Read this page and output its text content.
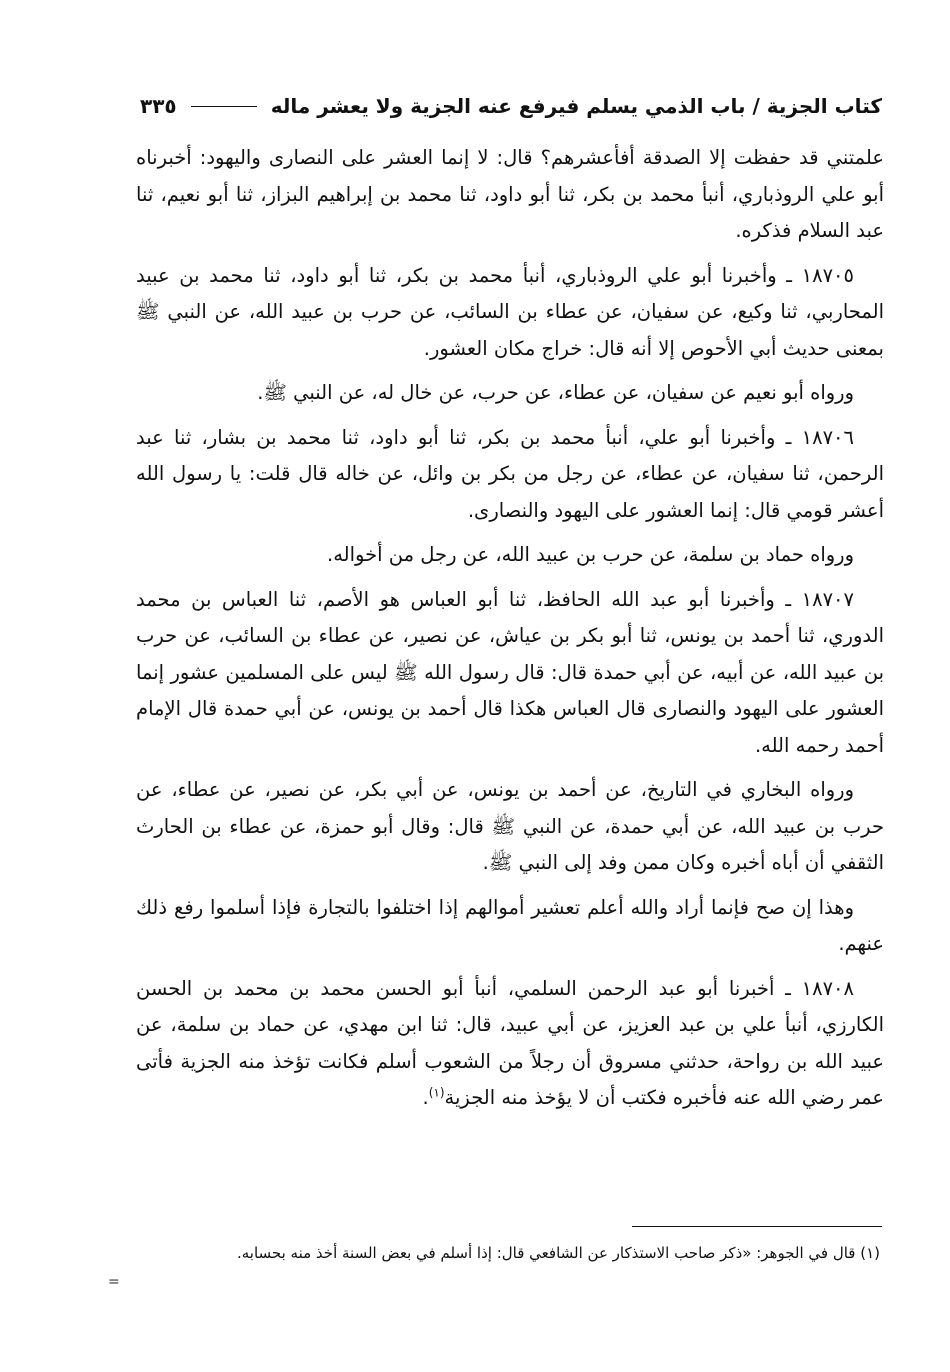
كتاب الجزية / باب الذمي يسلم فيرفع عنه الجزية ولا يعشر ماله
٣٣٥

علمتني قد حفظت إلا الصدقة أفأعشرهم؟ قال: لا إنما العشر على النصارى واليهود: أخبرناه أبو علي الروذباري، أنبأ محمد بن بكر، ثنا أبو داود، ثنا محمد بن إبراهيم البزاز، ثنا أبو نعيم، ثنا عبد السلام فذكره.

١٨٧٠٥ ـ وأخبرنا أبو علي الروذباري، أنبأ محمد بن بكر، ثنا أبو داود، ثنا محمد بن عبيد المحاربي، ثنا وكيع، عن سفيان، عن عطاء بن السائب، عن حرب بن عبيد الله، عن النبي ﷺ بمعنى حديث أبي الأحوص إلا أنه قال: خراج مكان العشور.

ورواه أبو نعيم عن سفيان، عن عطاء، عن حرب، عن خال له، عن النبي ﷺ.

١٨٧٠٦ ـ وأخبرنا أبو علي، أنبأ محمد بن بكر، ثنا أبو داود، ثنا محمد بن بشار، ثنا عبد الرحمن، ثنا سفيان، عن عطاء، عن رجل من بكر بن وائل، عن خاله قال قلت: يا رسول الله أعشر قومي قال: إنما العشور على اليهود والنصارى.

ورواه حماد بن سلمة، عن حرب بن عبيد الله، عن رجل من أخواله.

١٨٧٠٧ ـ وأخبرنا أبو عبد الله الحافظ، ثنا أبو العباس هو الأصم، ثنا العباس بن محمد الدوري، ثنا أحمد بن يونس، ثنا أبو بكر بن عياش، عن نصير، عن عطاء بن السائب، عن حرب بن عبيد الله، عن أبيه، عن أبي حمدة قال: قال رسول الله ﷺ ليس على المسلمين عشور إنما العشور على اليهود والنصارى قال العباس هكذا قال أحمد بن يونس، عن أبي حمدة قال الإمام أحمد رحمه الله.

ورواه البخاري في التاريخ، عن أحمد بن يونس، عن أبي بكر، عن نصير، عن عطاء، عن حرب بن عبيد الله، عن أبي حمدة، عن النبي ﷺ قال: وقال أبو حمزة، عن عطاء بن الحارث الثقفي أن أباه أخبره وكان ممن وفد إلى النبي ﷺ.

وهذا إن صح فإنما أراد والله أعلم تعشير أموالهم إذا اختلفوا بالتجارة فإذا أسلموا رفع ذلك عنهم.

١٨٧٠٨ ـ أخبرنا أبو عبد الرحمن السلمي، أنبأ أبو الحسن محمد بن محمد بن الحسن الكارزي، أنبأ علي بن عبد العزيز، عن أبي عبيد، قال: ثنا ابن مهدي، عن حماد بن سلمة، عن عبيد الله بن رواحة، حدثني مسروق أن رجلاً من الشعوب أسلم فكانت تؤخذ منه الجزية فأتى عمر رضي الله عنه فأخبره فكتب أن لا يؤخذ منه الجزية$^{(١)}$.

(١) قال في الجوهر: «ذكر صاحب الاستذكار عن الشافعي قال: إذا أسلم في بعض السنة أخذ منه بحسابه.
=
